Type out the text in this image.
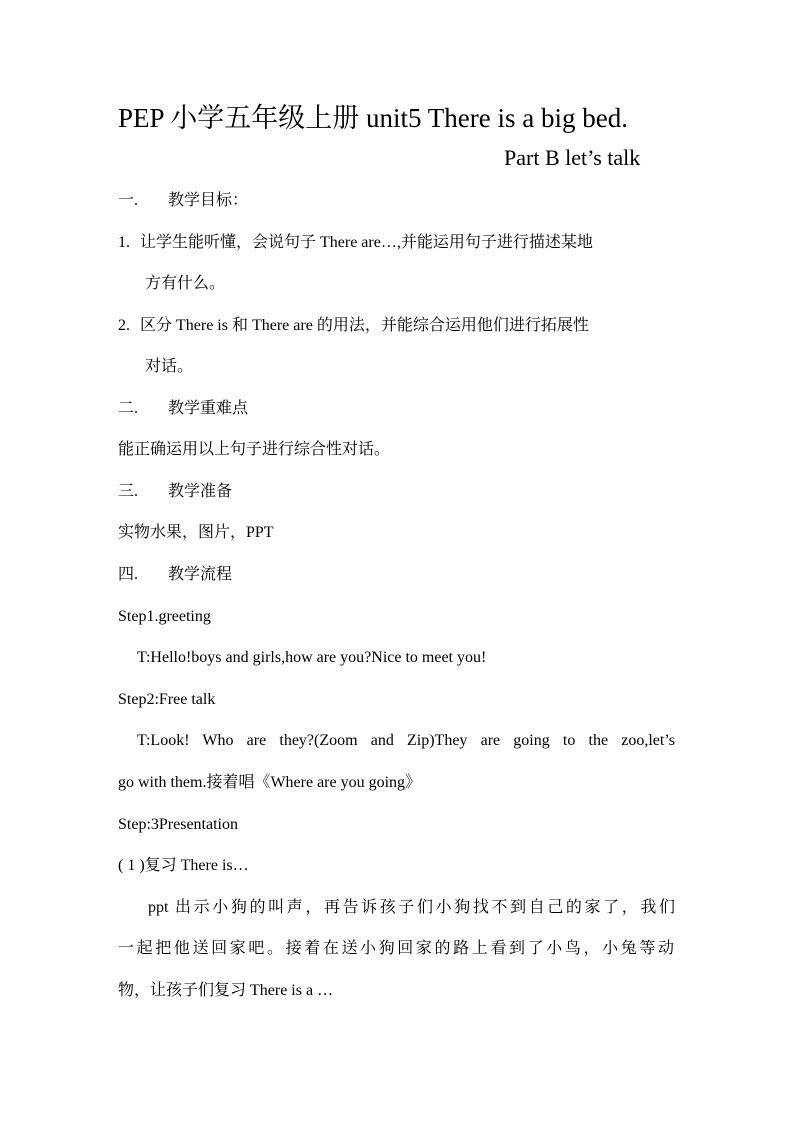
PEP 小学五年级上册 unit5 There is a big bed.
Part B let’s talk
一. 教学目标：
1. 让学生能听懂，会说句子 There are…,并能运用句子进行描述某地
方有什么。
2. 区分 There is 和 There are 的用法，并能综合运用他们进行拓展性
对话。
二. 教学重难点
能正确运用以上句子进行综合性对话。
三. 教学准备
实物水果，图片，PPT
四. 教学流程
Step1.greeting
T:Hello!boys and girls,how are you?Nice to meet you!
Step2:Free talk
T:Look! Who are they?(Zoom and Zip)They are going to the zoo,let’s
go with them.接着唱《Where are you going》
Step:3Presentation
( 1 )复习 There is…
ppt 出示小狗的叫声，再告诉孩子们小狗找不到自己的家了，我们
一起把他送回家吧。接着在送小狗回家的路上看到了小鸟，小兔等动
物，让孩子们复习 There is a …
